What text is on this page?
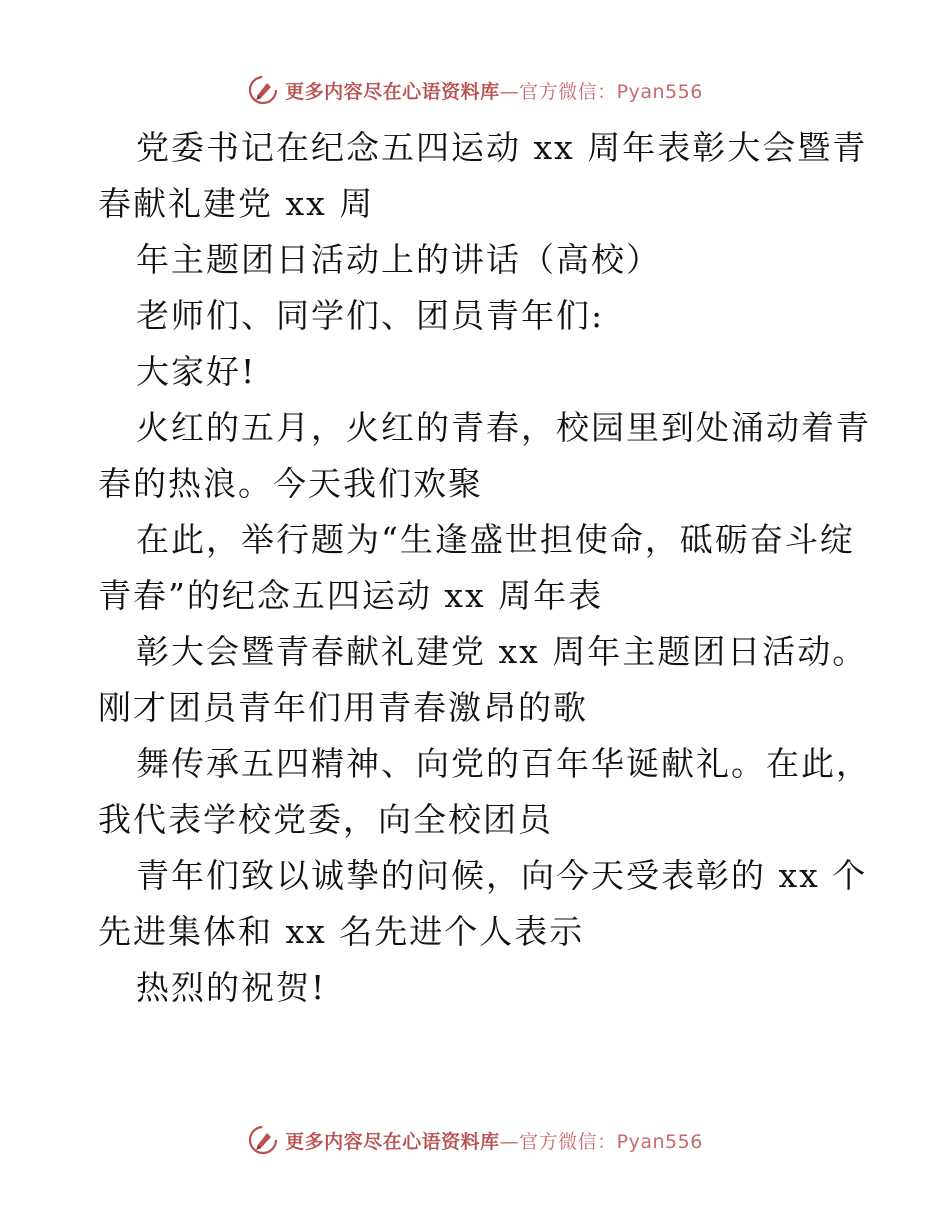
更多内容尽在心语资料库—官方微信：Pyan556
党委书记在纪念五四运动 xx 周年表彰大会暨青
春献礼建党 xx 周
年主题团日活动上的讲话（高校）
老师们、同学们、团员青年们:
大家好!
火红的五月，火红的青春，校园里到处涌动着青
春的热浪。今天我们欢聚
在此，举行题为“生逢盛世担使命，砥砺奋斗绽
青春”的纪念五四运动 xx 周年表
彰大会暨青春献礼建党 xx 周年主题团日活动。
刚才团员青年们用青春激昂的歌
舞传承五四精神、向党的百年华诞献礼。在此，
我代表学校党委，向全校团员
青年们致以诚挚的问候，向今天受表彰的 xx 个
先进集体和 xx 名先进个人表示
热烈的祝贺!
更多内容尽在心语资料库—官方微信：Pyan556
